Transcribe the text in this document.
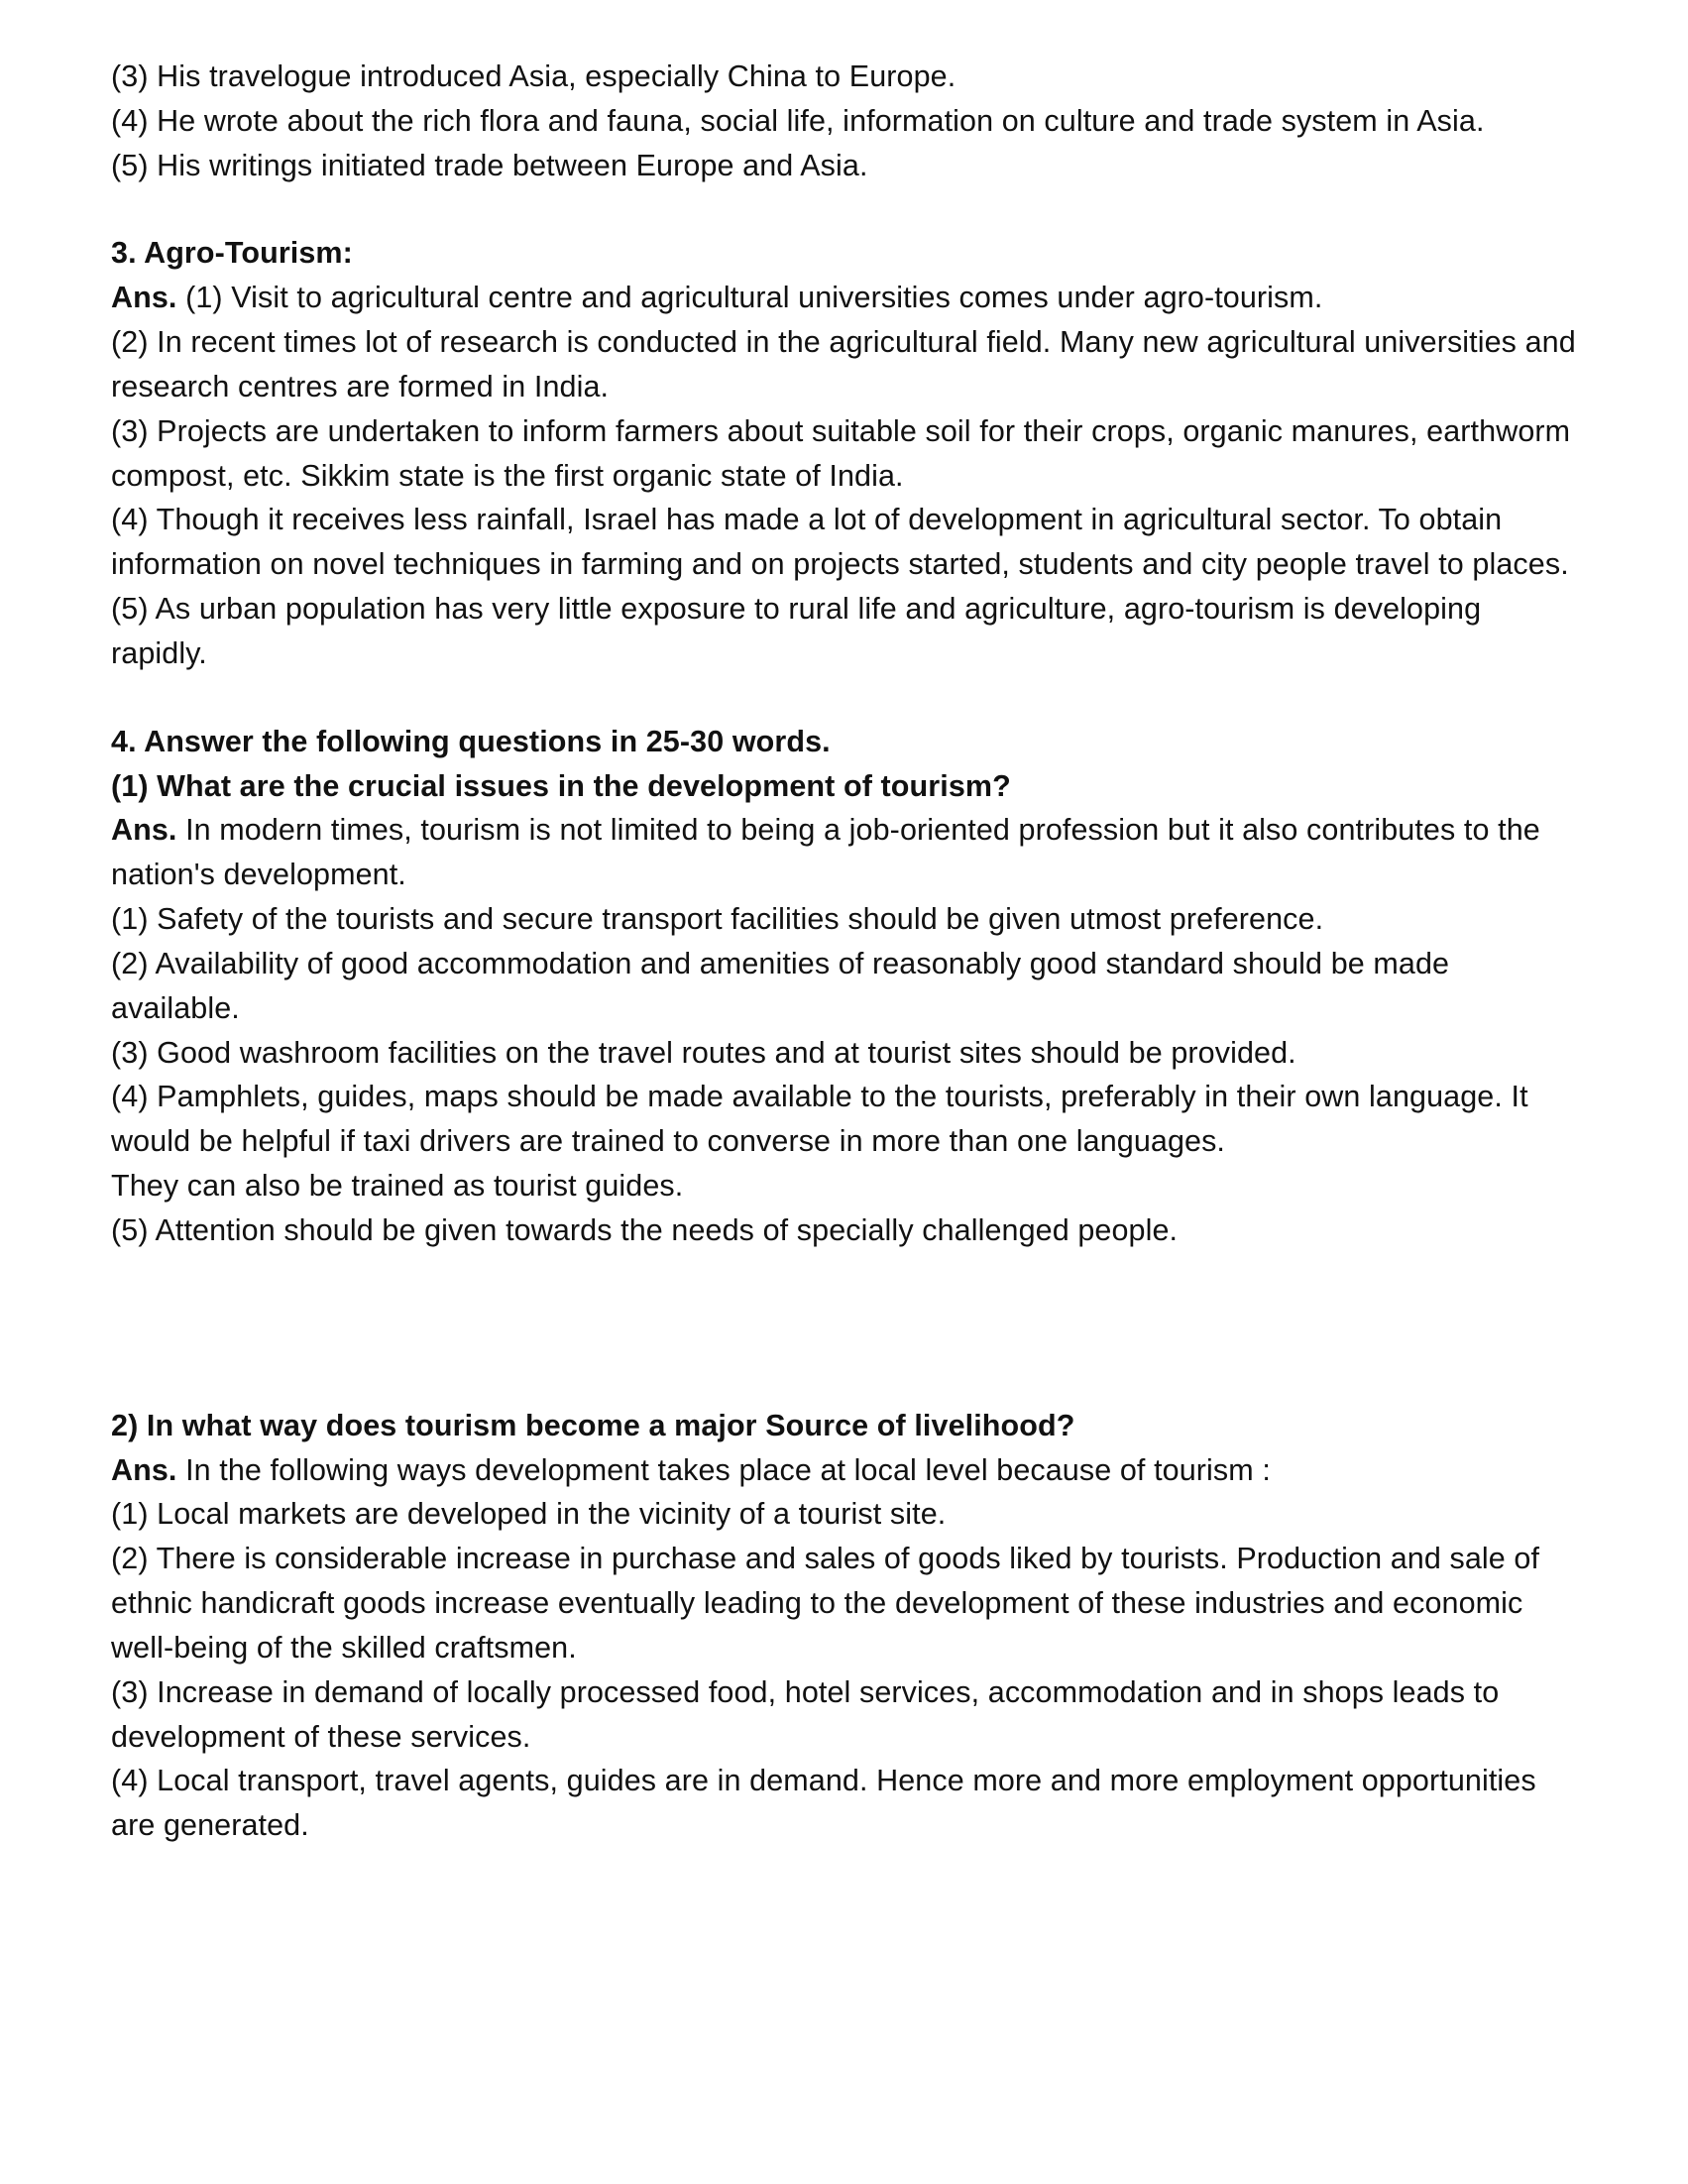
(3) His travelogue introduced Asia, especially China to Europe.

(4) He wrote about the rich flora and fauna, social life, information on culture and trade system in Asia.

(5) His writings initiated trade between Europe and Asia.

3. Agro-Tourism:

Ans. (1) Visit to agricultural centre and agricultural universities comes under agro-tourism.

(2) In recent times lot of research is conducted in the agricultural field. Many new agricultural universities and research centres are formed in India.

(3) Projects are undertaken to inform farmers about suitable soil for their crops, organic manures, earthworm compost, etc. Sikkim state is the first organic state of India.

(4) Though it receives less rainfall, Israel has made a lot of development in agricultural sector. To obtain information on novel techniques in farming and on projects started, students and city people travel to places.

(5) As urban population has very little exposure to rural life and agriculture, agro-tourism is developing rapidly.

4. Answer the following questions in 25-30 words.

(1) What are the crucial issues in the development of tourism?

Ans. In modern times, tourism is not limited to being a job-oriented profession but it also contributes to the nation's development.

(1) Safety of the tourists and secure transport facilities should be given utmost preference.

(2) Availability of good accommodation and amenities of reasonably good standard should be made available.

(3) Good washroom facilities on the travel routes and at tourist sites should be provided.

(4) Pamphlets, guides, maps should be made available to the tourists, preferably in their own language. It would be helpful if taxi drivers are trained to converse in more than one languages.

They can also be trained as tourist guides.

(5) Attention should be given towards the needs of specially challenged people.

2) In what way does tourism become a major Source of livelihood?

Ans. In the following ways development takes place at local level because of tourism :

(1) Local markets are developed in the vicinity of a tourist site.

(2) There is considerable increase in purchase and sales of goods liked by tourists. Production and sale of ethnic handicraft goods increase eventually leading to the development of these industries and economic well-being of the skilled craftsmen.

(3) Increase in demand of locally processed food, hotel services, accommodation and in shops leads to development of these services.

(4) Local transport, travel agents, guides are in demand. Hence more and more employment opportunities are generated.
